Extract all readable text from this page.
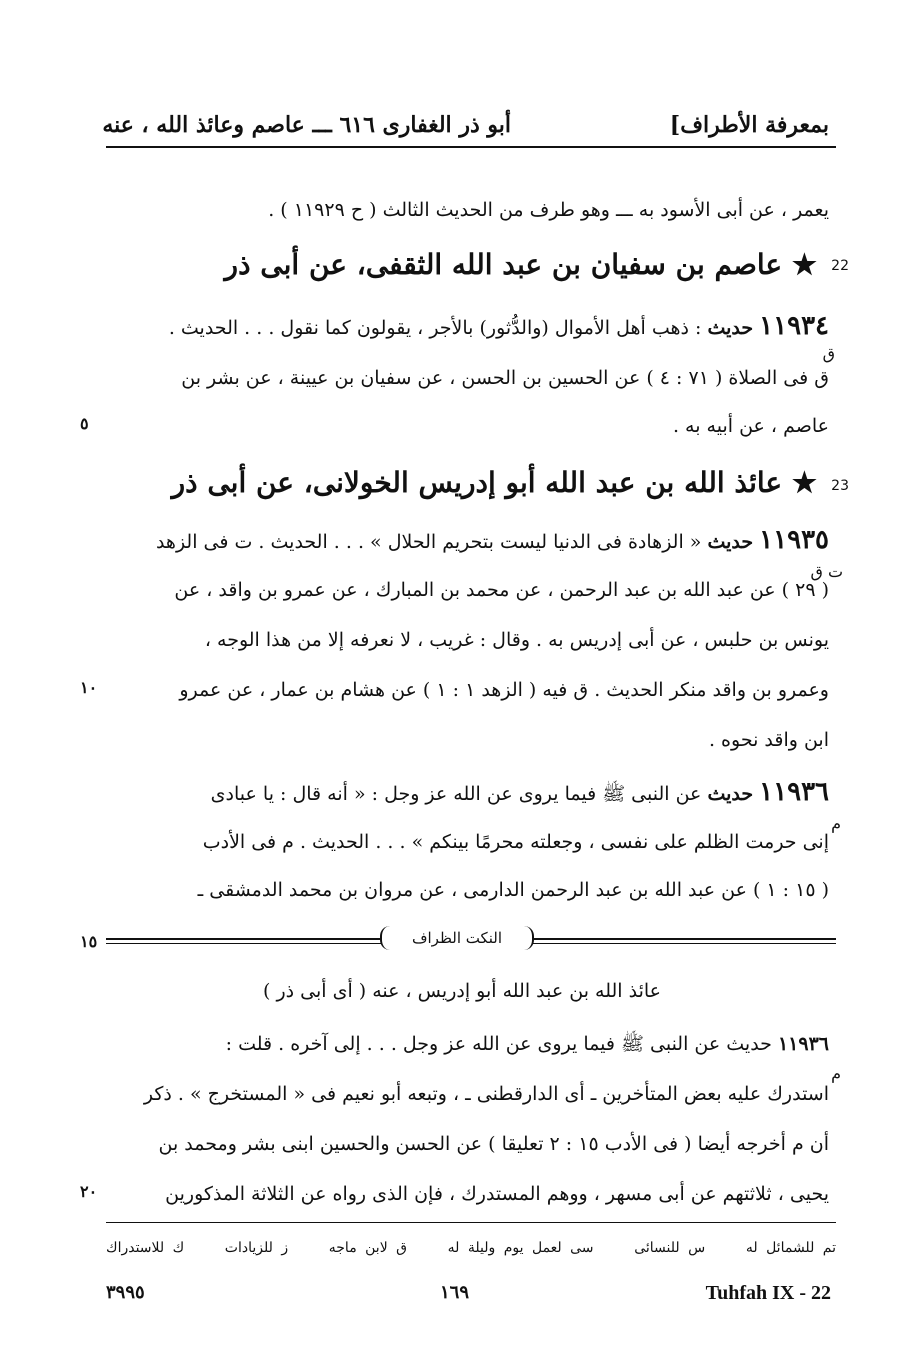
بمعرفة الأطراف]
أبو ذر الغفارى ٦١٦ ـــ عاصم وعائذ الله ، عنه
يعمر ، عن أبى الأسود به ـــ وهو طرف من الحديث الثالث ( ح ١١٩٢٩ ) .
22
★ عاصم بن سفيان بن عبد الله الثقفى، عن أبى ذر
١١٩٣٤ حديث : ذهب أهل الأموال (والدُّثور) بالأجر ، يقولون كما نقول . . . الحديث .
ق
ق فى الصلاة ( ٧١ : ٤ ) عن الحسين بن الحسن ، عن سفيان بن عيينة ، عن بشر بن
عاصم ، عن أبيه به .
٥
23
★ عائذ الله بن عبد الله أبو إدريس الخولانى، عن أبى ذر
١١٩٣٥ حديث « الزهادة فى الدنيا ليست بتحريم الحلال » . . . الحديث . ت فى الزهد
ت ق
( ٢٩ ) عن عبد الله بن عبد الرحمن ، عن محمد بن المبارك ، عن عمرو بن واقد ، عن
يونس بن حلبس ، عن أبى إدريس به . وقال : غريب ، لا نعرفه إلا من هذا الوجه ،
وعمرو بن واقد منكر الحديث . ق فيه ( الزهد ١ : ١ ) عن هشام بن عمار ، عن عمرو
١٠
ابن واقد نحوه .
١١٩٣٦ حديث عن النبى ﷺ فيما يروى عن الله عز وجل : « أنه قال : يا عبادى
م
إنى حرمت الظلم على نفسى ، وجعلته محرمًا بينكم » . . . الحديث . م فى الأدب
( ١٥ : ١ ) عن عبد الله بن عبد الرحمن الدارمى ، عن مروان بن محمد الدمشقى ـ
النكت الظراف
١٥
عائذ الله بن عبد الله أبو إدريس ، عنه ( أى أبى ذر )
١١٩٣٦ حديث عن النبى ﷺ فيما يروى عن الله عز وجل . . . إلى آخره . قلت :
م
استدرك عليه بعض المتأخرين ـ أى الدارقطنى ـ ، وتبعه أبو نعيم فى « المستخرج » . ذكر
أن م أخرجه أيضا ( فى الأدب ١٥ : ٢ تعليقا ) عن الحسن والحسين ابنى بشر ومحمد بن
يحيى ، ثلاثتهم عن أبى مسهر ، ووهم المستدرك ، فإن الذى رواه عن الثلاثة المذكورين
٢٠
تم للشمائل له
س للنسائى
سى لعمل يوم وليلة له
ق لابن ماجه
ز للزيادات
ك للاستدراك
٣٩٩٥	١٦٩	Tuhfah IX - 22
